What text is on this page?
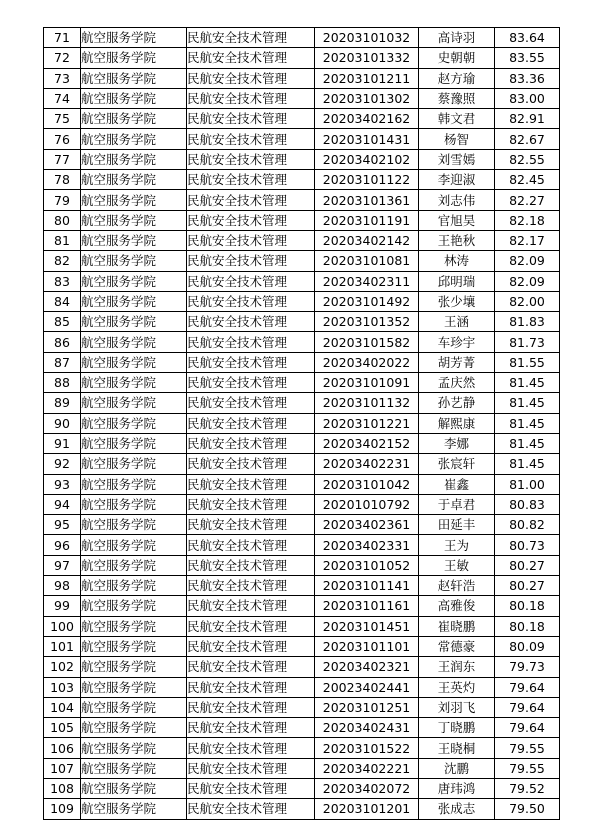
71	航空服务学院	民航安全技术管理	20203101032	高诗羽	83.64
72	航空服务学院	民航安全技术管理	20203101332	史朝朝	83.55
73	航空服务学院	民航安全技术管理	20203101211	赵方瑜	83.36
74	航空服务学院	民航安全技术管理	20203101302	蔡豫照	83.00
75	航空服务学院	民航安全技术管理	20203402162	韩文君	82.91
76	航空服务学院	民航安全技术管理	20203101431	杨智	82.67
77	航空服务学院	民航安全技术管理	20203402102	刘雪嫣	82.55
78	航空服务学院	民航安全技术管理	20203101122	李迎淑	82.45
79	航空服务学院	民航安全技术管理	20203101361	刘志伟	82.27
80	航空服务学院	民航安全技术管理	20203101191	官旭昊	82.18
81	航空服务学院	民航安全技术管理	20203402142	王艳秋	82.17
82	航空服务学院	民航安全技术管理	20203101081	林涛	82.09
83	航空服务学院	民航安全技术管理	20203402311	邱明瑞	82.09
84	航空服务学院	民航安全技术管理	20203101492	张少壤	82.00
85	航空服务学院	民航安全技术管理	20203101352	王涵	81.83
86	航空服务学院	民航安全技术管理	20203101582	车珍宇	81.73
87	航空服务学院	民航安全技术管理	20203402022	胡芳菁	81.55
88	航空服务学院	民航安全技术管理	20203101091	孟庆然	81.45
89	航空服务学院	民航安全技术管理	20203101132	孙艺静	81.45
90	航空服务学院	民航安全技术管理	20203101221	解熙康	81.45
91	航空服务学院	民航安全技术管理	20203402152	李娜	81.45
92	航空服务学院	民航安全技术管理	20203402231	张宸轩	81.45
93	航空服务学院	民航安全技术管理	20203101042	崔鑫	81.00
94	航空服务学院	民航安全技术管理	20201010792	于卓君	80.83
95	航空服务学院	民航安全技术管理	20203402361	田延丰	80.82
96	航空服务学院	民航安全技术管理	20203402331	王为	80.73
97	航空服务学院	民航安全技术管理	20203101052	王敏	80.27
98	航空服务学院	民航安全技术管理	20203101141	赵轩浩	80.27
99	航空服务学院	民航安全技术管理	20203101161	高雅俊	80.18
100	航空服务学院	民航安全技术管理	20203101451	崔晓鹏	80.18
101	航空服务学院	民航安全技术管理	20203101101	常德豪	80.09
102	航空服务学院	民航安全技术管理	20203402321	王润东	79.73
103	航空服务学院	民航安全技术管理	20023402441	王英灼	79.64
104	航空服务学院	民航安全技术管理	20203101251	刘羽飞	79.64
105	航空服务学院	民航安全技术管理	20203402431	丁晓鹏	79.64
106	航空服务学院	民航安全技术管理	20203101522	王晓桐	79.55
107	航空服务学院	民航安全技术管理	20203402221	沈鹏	79.55
108	航空服务学院	民航安全技术管理	20203402072	唐玮鸿	79.52
109	航空服务学院	民航安全技术管理	20203101201	张成志	79.50
